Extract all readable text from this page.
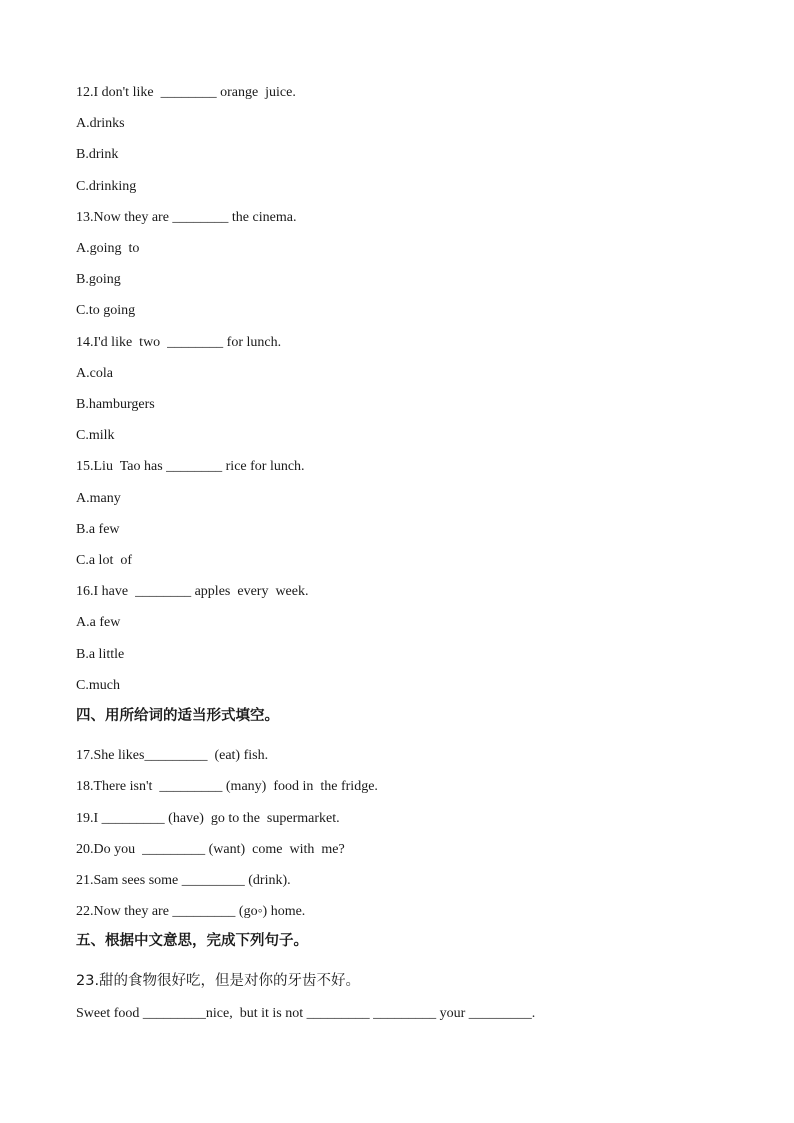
12.I don't like  ________ orange  juice.
A.drinks
B.drink
C.drinking
13.Now they are ________ the cinema.
A.going  to
B.going
C.to going
14.I'd like  two  ________ for lunch.
A.cola
B.hamburgers
C.milk
15.Liu  Tao has ________ rice for lunch.
A.many
B.a few
C.a lot  of
16.I have  ________ apples  every  week.
A.a few
B.a little
C.much
四、用所给词的适当形式填空。
17.She likes_________  (eat) fish.
18.There isn't  _________ (many)  food in  the fridge.
19.I _________ (have)  go to the  supermarket.
20.Do you  _________ (want)  come  with  me?
21.Sam sees some _________ (drink).
22.Now they are _________ (go◦) home.
五、根据中文意思，完成下列句子。
23.甜的食物很好吃，但是对你的牙齿不好。
Sweet food _________nice,  but it is not _________ _________ your _________.
